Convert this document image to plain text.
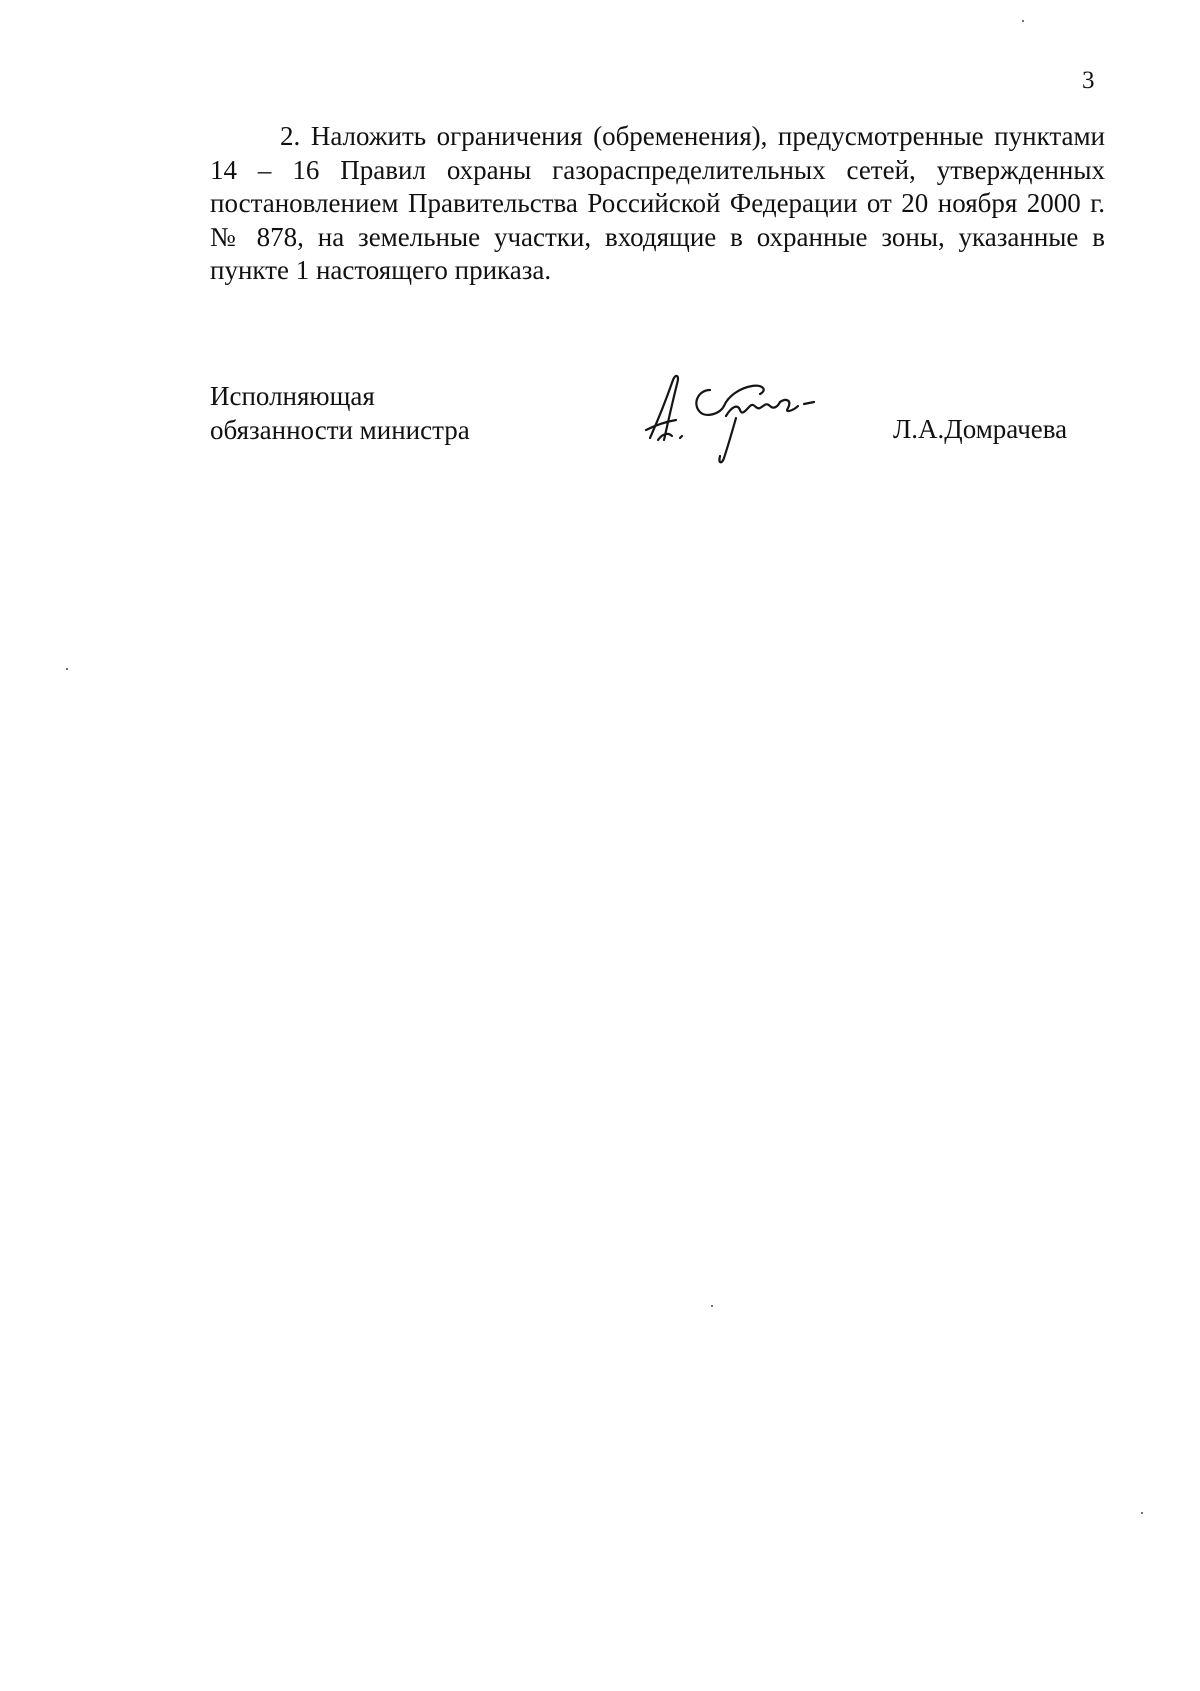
3

2. Наложить ограничения (обременения), предусмотренные пунктами 14 – 16 Правил охраны газораспределительных сетей, утвержденных постановлением Правительства Российской Федерации от 20 ноября 2000 г. № 878, на земельные участки, входящие в охранные зоны, указанные в пункте 1 настоящего приказа.

Исполняющая
обязанности министра	Л.А.Домрачева
